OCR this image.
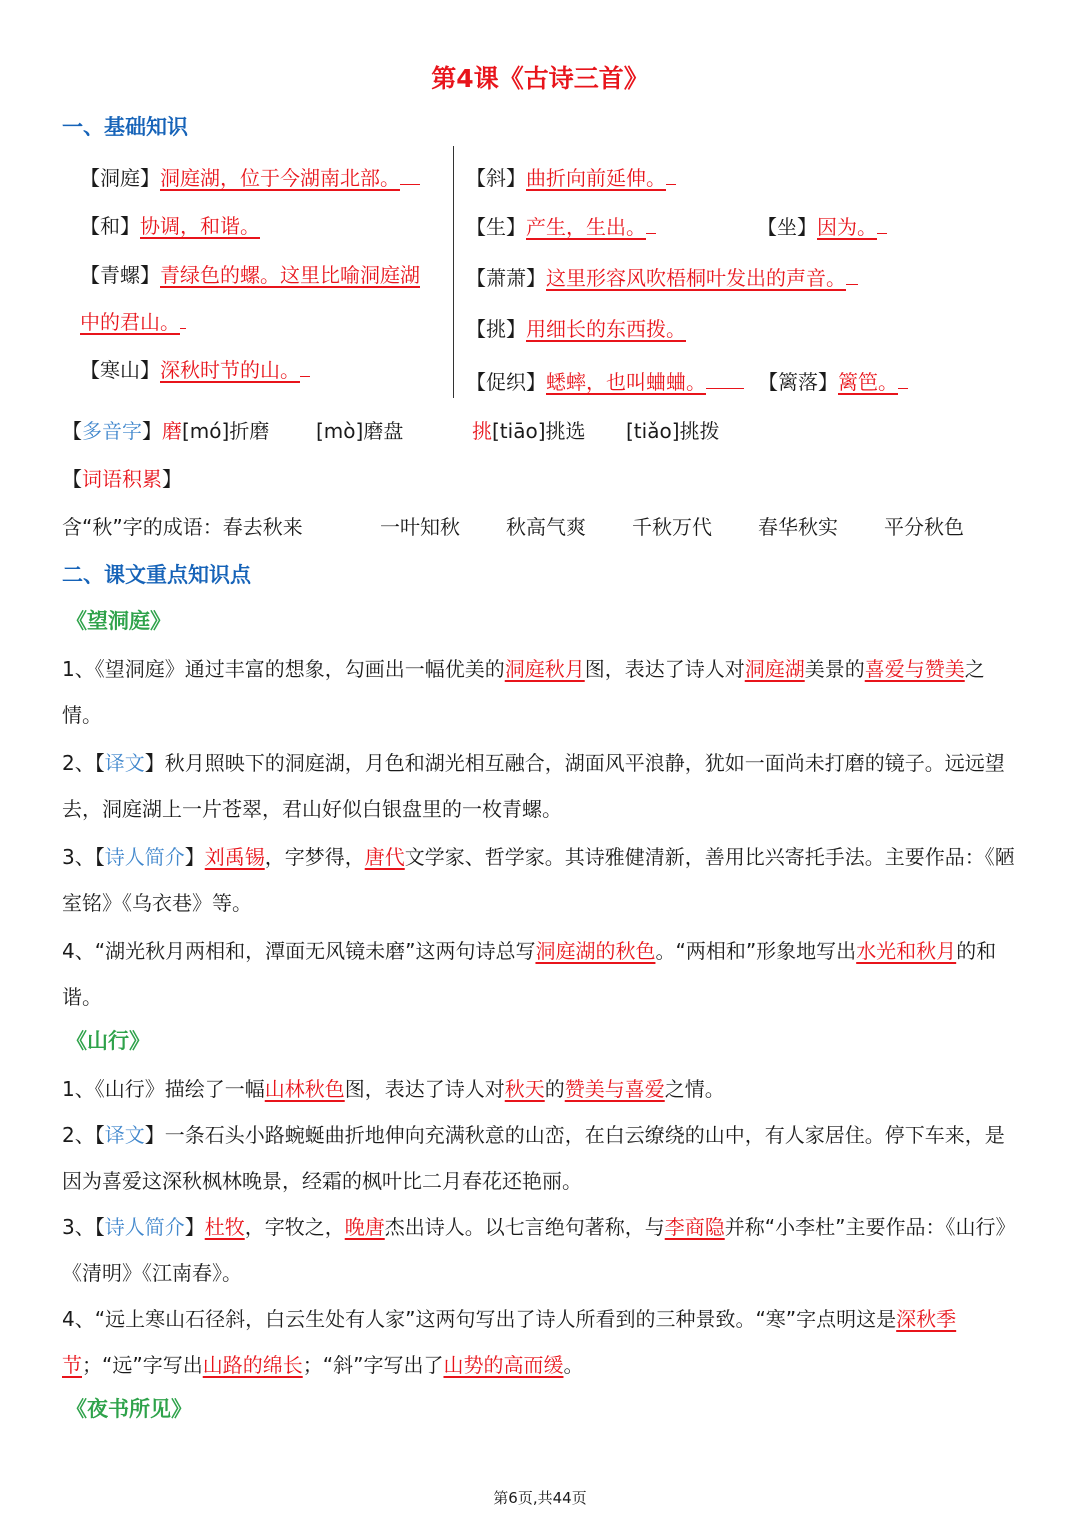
第4课《古诗三首》
一、基础知识
【洞庭】洞庭湖，位于今湖南北部。
【和】协调，和谐。
【青螺】青绿色的螺。这里比喻洞庭湖
中的君山。
【寒山】深秋时节的山。
【斜】曲折向前延伸。
【生】产生，生出。	【坐】因为。
【萧萧】这里形容风吹梧桐叶发出的声音。
【挑】用细长的东西拨。
【促织】蟋蟀，也叫蛐蛐。	【篱落】篱笆。
【多音字】磨[mó]折磨 [mò]磨盘	挑[tiāo]挑选 [tiǎo]挑拨
【词语积累】
含“秋”字的成语：春去秋来	一叶知秋 秋高气爽 千秋万代 春华秋实 平分秋色
二、课文重点知识点
《望洞庭》
1、《望洞庭》通过丰富的想象，勾画出一幅优美的洞庭秋月图，表达了诗人对洞庭湖美景的喜爱与赞美之情。
2、【译文】秋月照映下的洞庭湖，月色和湖光相互融合，湖面风平浪静，犹如一面尚未打磨的镜子。远远望去，洞庭湖上一片苍翠，君山好似白银盘里的一枚青螺。
3、【诗人简介】刘禹锡，字梦得，唐代文学家、哲学家。其诗雅健清新，善用比兴寄托手法。主要作品：《陋室铭》《乌衣巷》等。
4、“湖光秋月两相和，潭面无风镜未磨”这两句诗总写洞庭湖的秋色。“两相和”形象地写出水光和秋月的和谐。
《山行》
1、《山行》描绘了一幅山林秋色图，表达了诗人对秋天的赞美与喜爱之情。
2、【译文】一条石头小路蜿蜒曲折地伸向充满秋意的山峦，在白云缭绕的山中，有人家居住。停下车来，是因为喜爱这深秋枫林晚景，经霜的枫叶比二月春花还艳丽。
3、【诗人简介】杜牧，字牧之，晚唐杰出诗人。以七言绝句著称，与李商隐并称“小李杜”主要作品：《山行》《清明》《江南春》。
4、“远上寒山石径斜，白云生处有人家”这两句写出了诗人所看到的三种景致。“寒”字点明这是深秋季节；“远”字写出山路的绵长；“斜”字写出了山势的高而缓。
《夜书所见》
第6页,共44页
